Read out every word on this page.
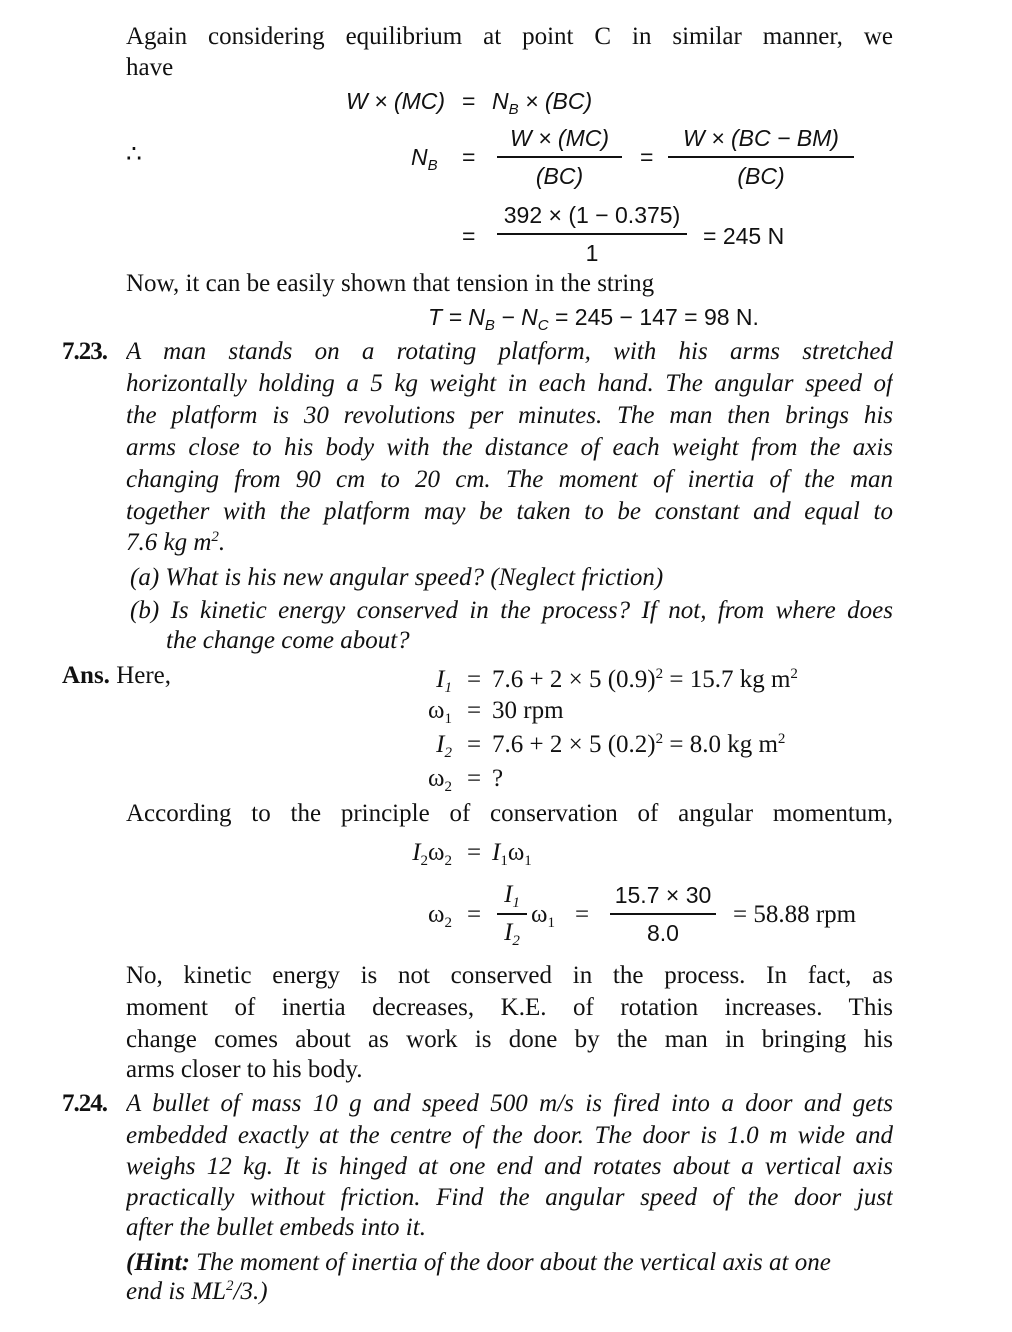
Again considering equilibrium at point C in similar manner, we
have
$W \times (MC) = N_B \times (BC)$
∴	$N_B$ =
W × (MC)
(BC)
=
W × (BC − BM)
(BC)
=
392 × (1 − 0.375)
1
= 245 N
Now, it can be easily shown that tension in the string
$T = N_B - N_C = 245 - 147 = 98$ N.
7.23. A man stands on a rotating platform, with his arms stretched
horizontally holding a 5 kg weight in each hand. The angular speed of
the platform is 30 revolutions per minutes. The man then brings his
arms close to his body with the distance of each weight from the axis
changing from 90 cm to 20 cm. The moment of inertia of the man
together with the platform may be taken to be constant and equal to
7.6 kg $m^2$.
(a) What is his new angular speed? (Neglect friction)
(b) Is kinetic energy conserved in the process? If not, from where does
the change come about?
Ans. Here,	$I_1 = 7.6 + 2 \times 5$ $(0.9)^2 = 15.7$ kg $m^2$
$\omega_1 = 30$ rpm
$I_2 = 7.6 + 2 \times 5$ $(0.2)^2 = 8.0$ kg $m^2$
$\omega_2$ = ?
According to the principle of conservation of angular momentum,
$I_2\omega_2 = I_1\omega_1$
$\omega_2$ =
$I_1$
$I_2$
$\omega_1$ =
15.7 × 30
8.0
= 58.88 rpm
No, kinetic energy is not conserved in the process. In fact, as
moment of inertia decreases, K.E. of rotation increases. This
change comes about as work is done by the man in bringing his
arms closer to his body.
7.24. A bullet of mass 10 g and speed 500 m/s is fired into a door and gets
embedded exactly at the centre of the door. The door is 1.0 m wide and
weighs 12 kg. It is hinged at one end and rotates about a vertical axis
practically without friction. Find the angular speed of the door just
after the bullet embeds into it.
(Hint: The moment of inertia of the door about the vertical axis at one
end is $ML^2/3$.)
